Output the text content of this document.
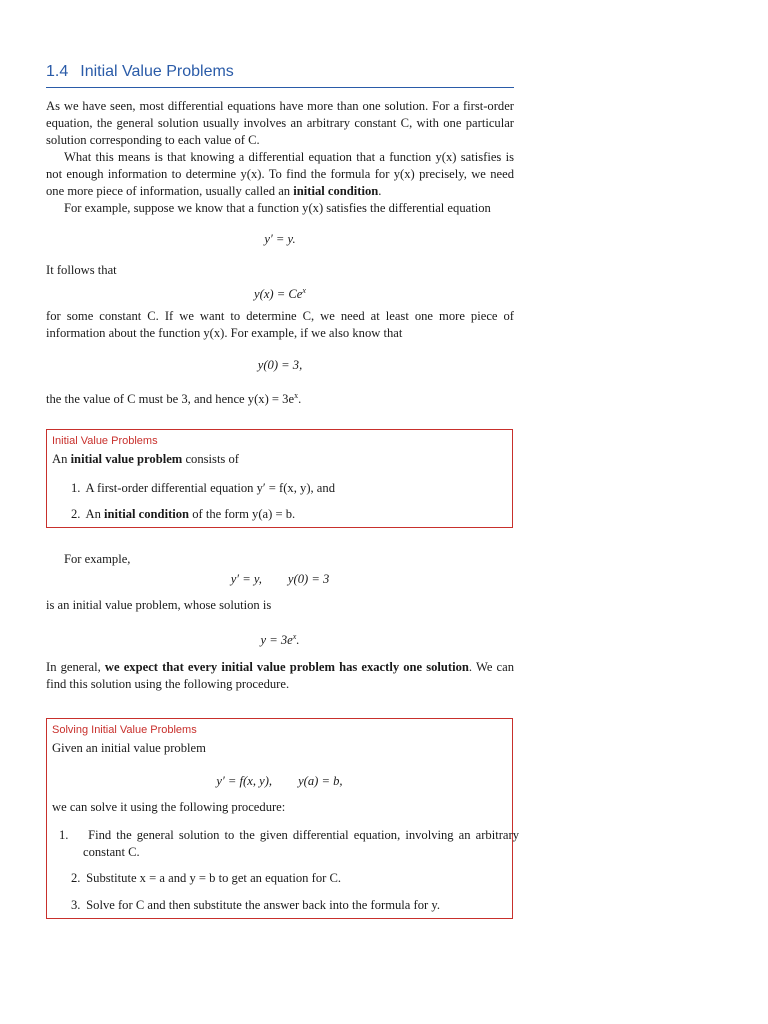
1.4 Initial Value Problems
As we have seen, most differential equations have more than one solution. For a first-order equation, the general solution usually involves an arbitrary constant C, with one particular solution corresponding to each value of C.
What this means is that knowing a differential equation that a function y(x) satisfies is not enough information to determine y(x). To find the formula for y(x) precisely, we need one more piece of information, usually called an initial condition.
For example, suppose we know that a function y(x) satisfies the differential equation
y′ = y.
It follows that
$y(x) = Ce^x$
for some constant C. If we want to determine C, we need at least one more piece of information about the function y(x). For example, if we also know that
y(0) = 3,
the the value of C must be 3, and hence $y(x) = 3e^x$.
Initial Value Problems
An initial value problem consists of
1. A first-order differential equation y′ = f(x, y), and
2. An initial condition of the form y(a) = b.
For example,
y′ = y, y(0) = 3
is an initial value problem, whose solution is
$y = 3e^x$.
In general, we expect that every initial value problem has exactly one solution. We can find this solution using the following procedure.
Solving Initial Value Problems
Given an initial value problem
y′ = f(x, y), y(a) = b,
we can solve it using the following procedure:
1. Find the general solution to the given differential equation, involving an arbitrary constant C.
2. Substitute x = a and y = b to get an equation for C.
3. Solve for C and then substitute the answer back into the formula for y.
